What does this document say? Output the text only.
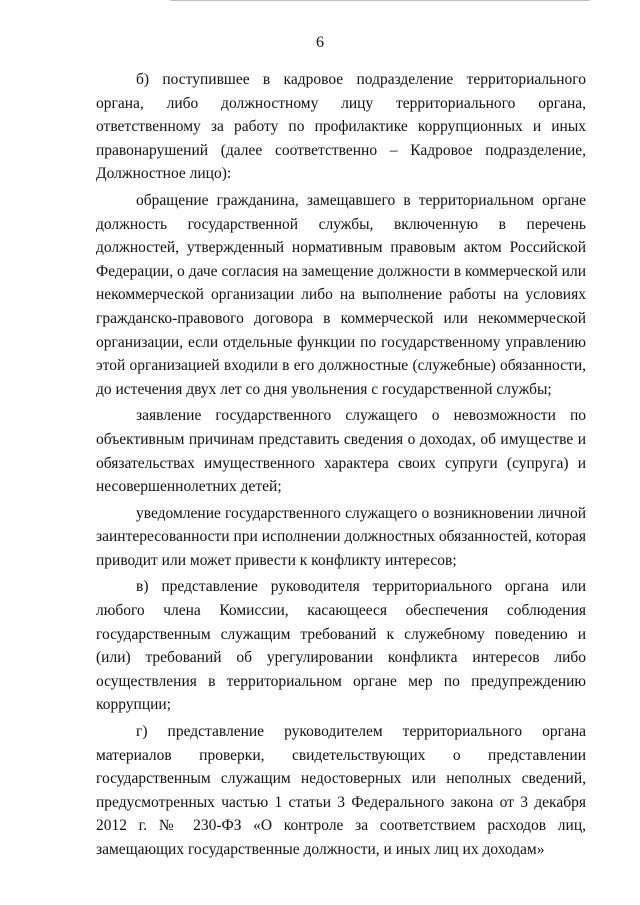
6

б) поступившее в кадровое подразделение территориального органа, либо должностному лицу территориального органа, ответственному за работу по профилактике коррупционных и иных правонарушений (далее соответственно – Кадровое подразделение, Должностное лицо):

обращение гражданина, замещавшего в территориальном органе должность государственной службы, включенную в перечень должностей, утвержденный нормативным правовым актом Российской Федерации, о даче согласия на замещение должности в коммерческой или некоммерческой организации либо на выполнение работы на условиях гражданско-правового договора в коммерческой или некоммерческой организации, если отдельные функции по государственному управлению этой организацией входили в его должностные (служебные) обязанности, до истечения двух лет со дня увольнения с государственной службы;

заявление государственного служащего о невозможности по объективным причинам представить сведения о доходах, об имуществе и обязательствах имущественного характера своих супруги (супруга) и несовершеннолетних детей;

уведомление государственного служащего о возникновении личной заинтересованности при исполнении должностных обязанностей, которая приводит или может привести к конфликту интересов;

в) представление руководителя территориального органа или любого члена Комиссии, касающееся обеспечения соблюдения государственным служащим требований к служебному поведению и (или) требований об урегулировании конфликта интересов либо осуществления в территориальном органе мер по предупреждению коррупции;

г) представление руководителем территориального органа материалов проверки, свидетельствующих о представлении государственным служащим недостоверных или неполных сведений, предусмотренных частью 1 статьи 3 Федерального закона от 3 декабря 2012 г. № 230-ФЗ «О контроле за соответствием расходов лиц, замещающих государственные должности, и иных лиц их доходам»
